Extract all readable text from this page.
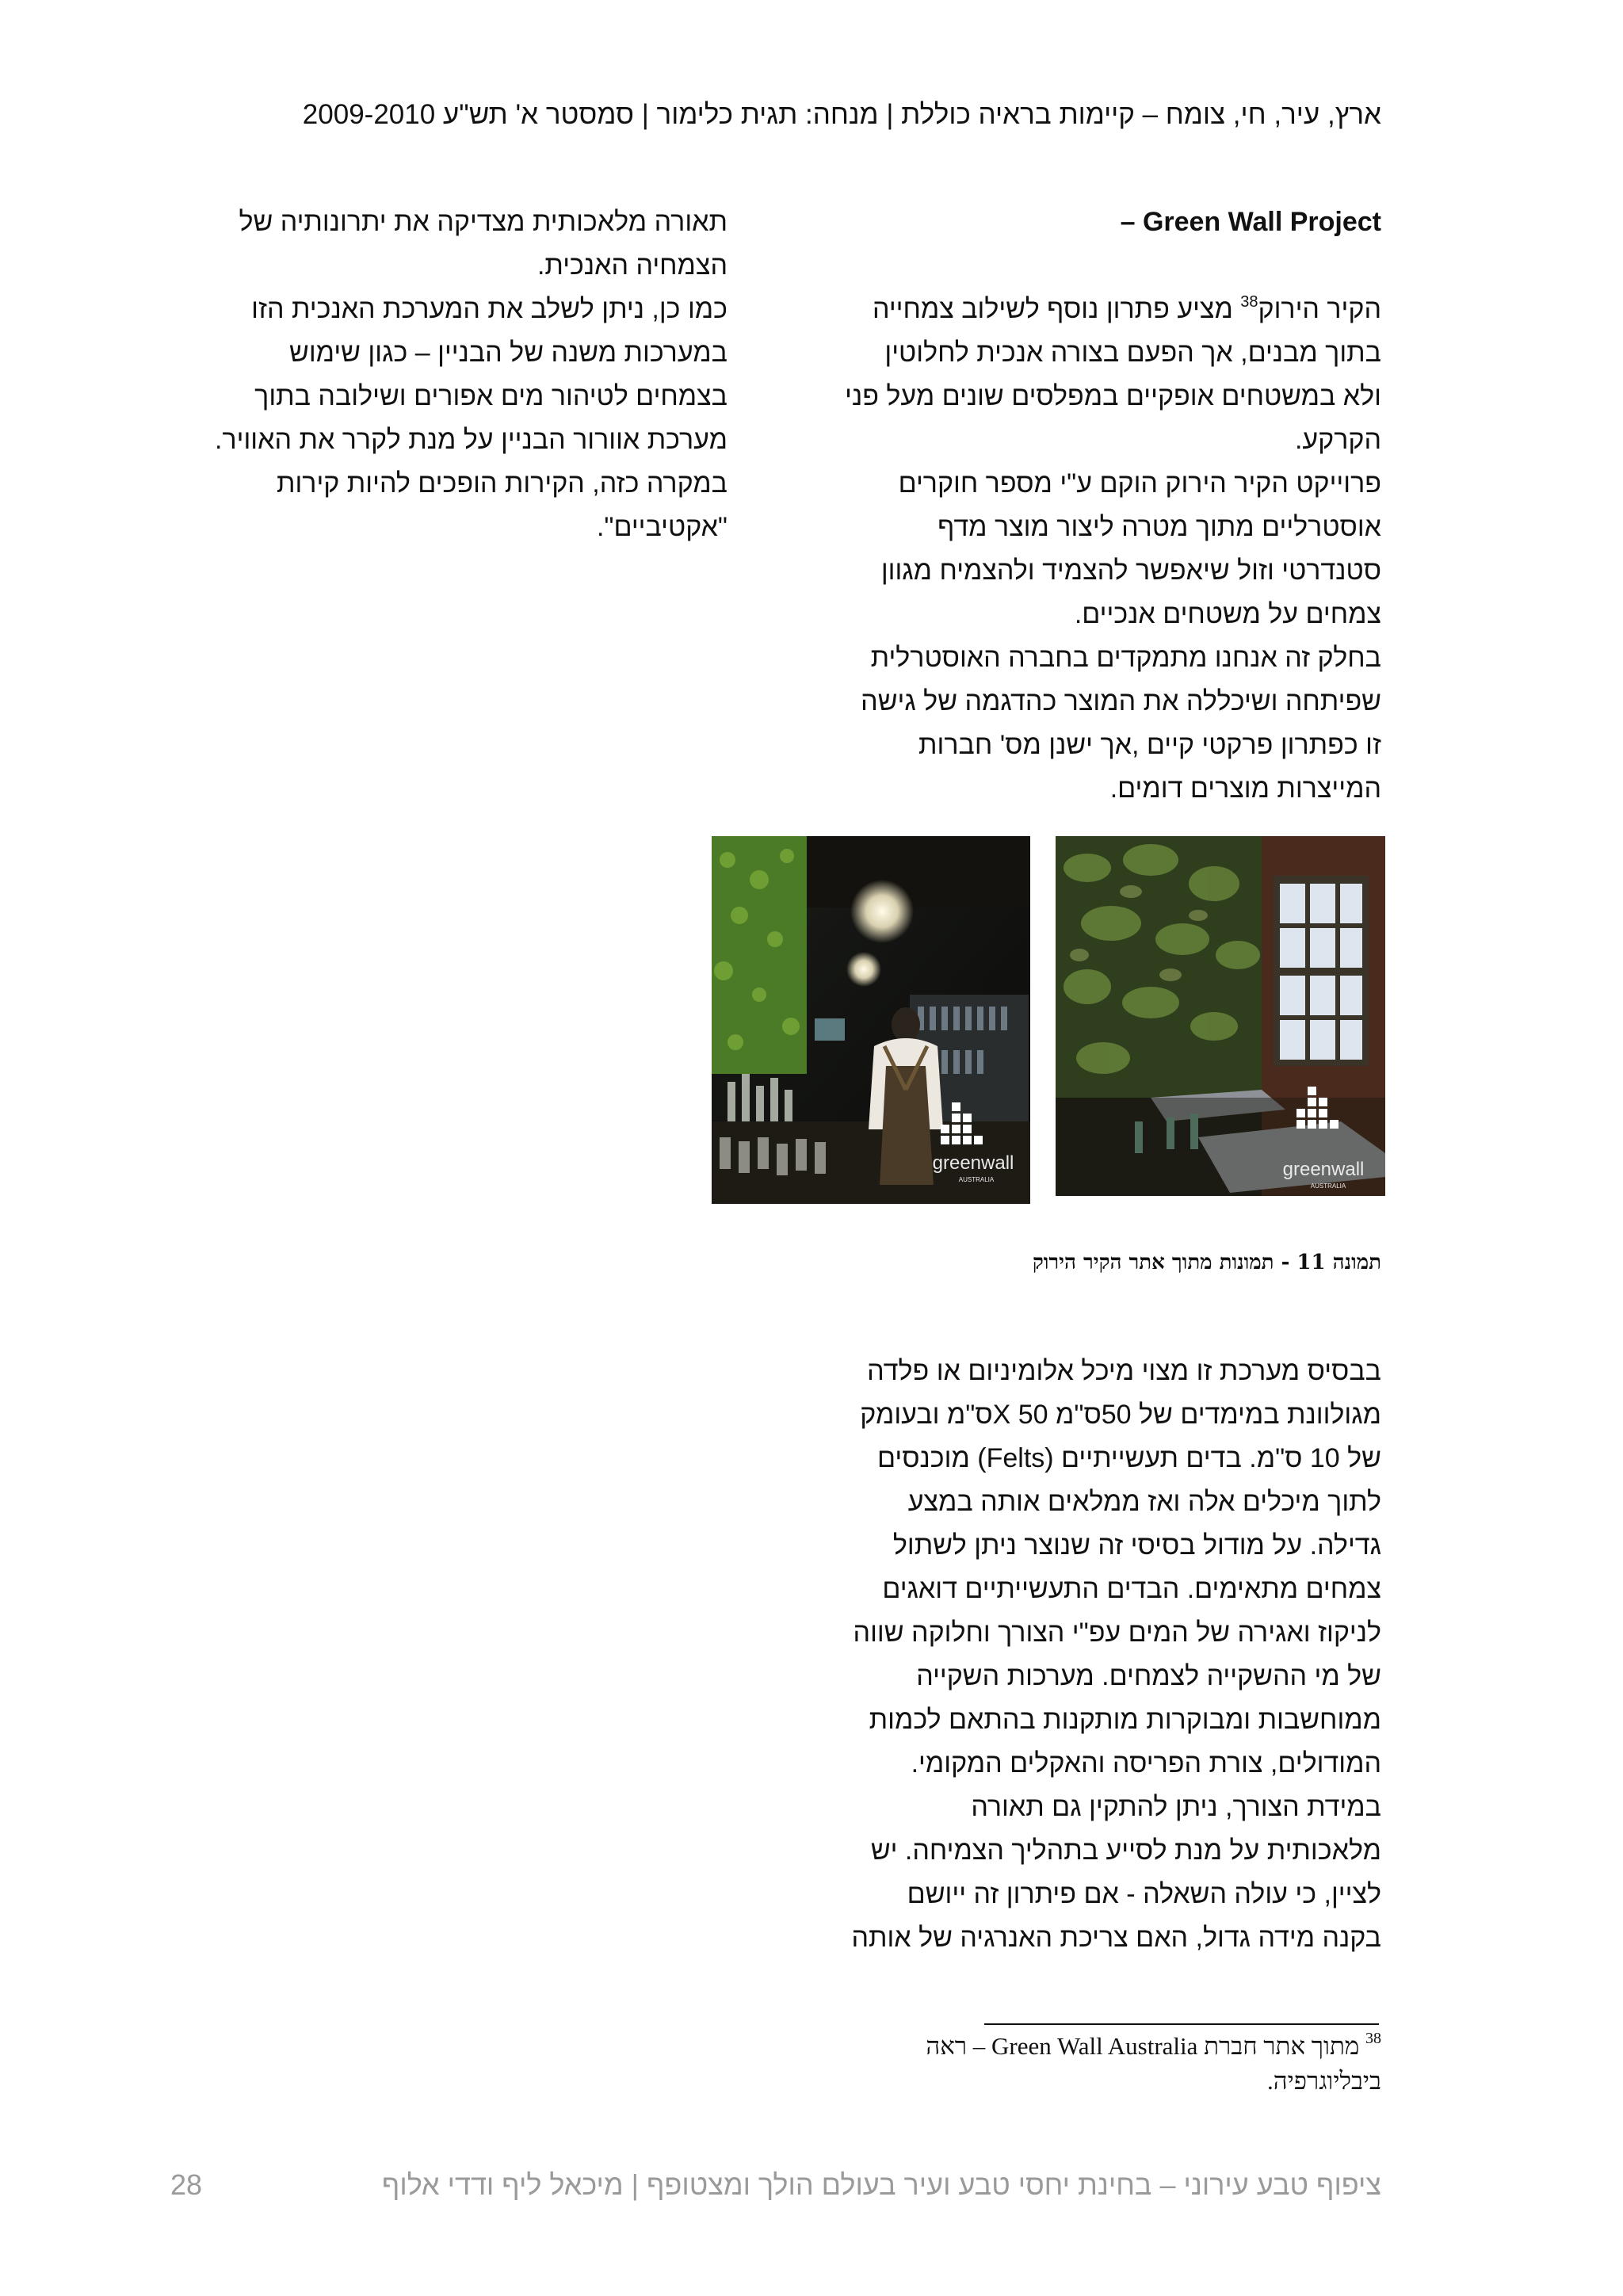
ארץ, עיר, חי, צומח – קיימות בראיה כוללת | מנחה: תגית כלימור | סמסטר א' תש"ע 2009-2010

Green Wall Project –

הקיר הירוק$^{38}$ מציע פתרון נוסף לשילוב צמחייה
בתוך מבנים, אך הפעם בצורה אנכית לחלוטין
ולא במשטחים אופקיים במפלסים שונים מעל פני
הקרקע.

פרוייקט הקיר הירוק הוקם ע"י מספר חוקרים
אוסטרליים מתוך מטרה ליצור מוצר מדף
סטנדרטי וזול שיאפשר להצמיד ולהצמיח מגוון
צמחים על משטחים אנכיים.

בחלק זה אנחנו מתמקדים בחברה האוסטרלית
שפיתחה ושיכללה את המוצר כהדגמה של גישה
זו כפתרון פרקטי קיים ,אך ישנן מס' חברות
המייצרות מוצרים דומים.

תאורה מלאכותית מצדיקה את יתרונותיה של
הצמחיה האנכית.
כמו כן, ניתן לשלב את המערכת האנכית הזו
במערכות משנה של הבניין – כגון שימוש
בצמחים לטיהור מים אפורים ושילובה בתוך
מערכת אוורור הבניין על מנת לקרר את האוויר.
במקרה כזה, הקירות הופכים להיות קירות
"אקטיביים".

greenwall
AUSTRALIA	greenwall
AUSTRALIA
תמונה 11 - תמונות מתוך אתר הקיר הירוק

בבסיס מערכת זו מצוי מיכל אלומיניום או פלדה
מגולוונת במימדים של 50ס"מ X 50ס"מ ובעומק
של 10 ס"מ. בדים תעשייתיים (Felts) מוכנסים
לתוך מיכלים אלה ואז ממלאים אותה במצע
גדילה. על מודול בסיסי זה שנוצר ניתן לשתול
צמחים מתאימים. הבדים התעשייתיים דואגים
לניקוז ואגירה של המים עפ"י הצורך וחלוקה שווה
של מי ההשקייה לצמחים. מערכות השקייה
ממוחשבות ומבוקרות מותקנות בהתאם לכמות
המודולים, צורת הפריסה והאקלים המקומי.
במידת הצורך, ניתן להתקין גם תאורה
מלאכותית על מנת לסייע בתהליך הצמיחה. יש
לציין, כי עולה השאלה - אם פיתרון זה ייושם
בקנה מידה גדול, האם צריכת האנרגיה של אותה

$^{38}$ מתוך אתר חברת Green Wall Australia – ראה
ביבליוגרפיה.
ציפוף טבע עירוני – בחינת יחסי טבע ועיר בעולם הולך ומצטופף | מיכאל ליף ודדי אלוף
28
